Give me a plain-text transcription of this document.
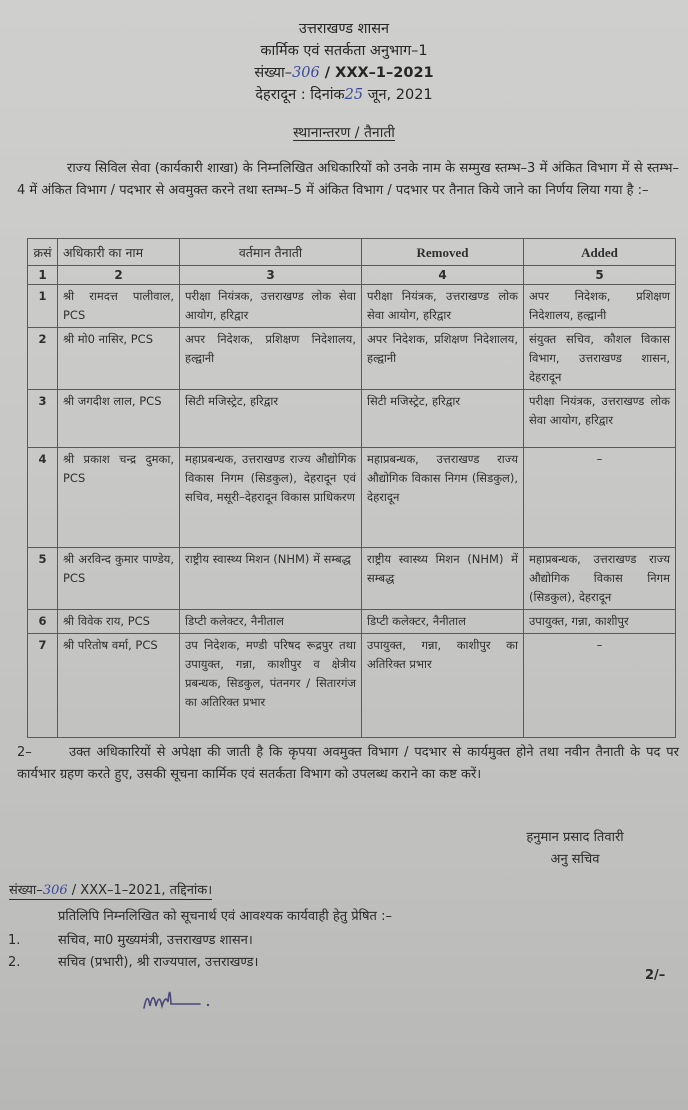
उत्तराखण्ड शासन
कार्मिक एवं सतर्कता अनुभाग–1
संख्या–306 / XXX–1–2021
देहरादून : दिनांक25 जून, 2021
स्थानान्तरण / तैनाती
राज्य सिविल सेवा (कार्यकारी शाखा) के निम्नलिखित अधिकारियों को उनके नाम के सम्मुख स्तम्भ–3 में अंकित विभाग में से स्तम्भ–4 में अंकित विभाग / पदभार से अवमुक्त करने तथा स्तम्भ–5 में अंकित विभाग / पदभार पर तैनात किये जाने का निर्णय लिया गया है :–
क्रसं	अधिकारी का नाम	वर्तमान तैनाती	Removed	Added
1	2	3	4	5
1	श्री रामदत्त पालीवाल, PCS	परीक्षा नियंत्रक, उत्तराखण्ड लोक सेवा आयोग, हरिद्वार	परीक्षा नियंत्रक, उत्तराखण्ड लोक सेवा आयोग, हरिद्वार	अपर निदेशक, प्रशिक्षण निदेशालय, हल्द्वानी
2	श्री मो0 नासिर, PCS	अपर निदेशक, प्रशिक्षण निदेशालय, हल्द्वानी	अपर निदेशक, प्रशिक्षण निदेशालय, हल्द्वानी	संयुक्त सचिव, कौशल विकास विभाग, उत्तराखण्ड शासन, देहरादून
3	श्री जगदीश लाल, PCS	सिटी मजिस्ट्रेट, हरिद्वार	सिटी मजिस्ट्रेट, हरिद्वार	परीक्षा नियंत्रक, उत्तराखण्ड लोक सेवा आयोग, हरिद्वार
4	श्री प्रकाश चन्द्र दुमका, PCS	महाप्रबन्धक, उत्तराखण्ड राज्य औद्योगिक विकास निगम (सिडकुल), देहरादून एवं सचिव, मसूरी–देहरादून विकास प्राधिकरण	महाप्रबन्धक, उत्तराखण्ड राज्य औद्योगिक विकास निगम (सिडकुल), देहरादून	–
5	श्री अरविन्द कुमार पाण्डेय, PCS	राष्ट्रीय स्वास्थ्य मिशन (NHM) में सम्बद्ध	राष्ट्रीय स्वास्थ्य मिशन (NHM) में सम्बद्ध	महाप्रबन्धक, उत्तराखण्ड राज्य औद्योगिक विकास निगम (सिडकुल), देहरादून
6	श्री विवेक राय, PCS	डिप्टी कलेक्टर, नैनीताल	डिप्टी कलेक्टर, नैनीताल	उपायुक्त, गन्ना, काशीपुर
7	श्री परितोष वर्मा, PCS	उप निदेशक, मण्डी परिषद रूद्रपुर तथा उपायुक्त, गन्ना, काशीपुर व क्षेत्रीय प्रबन्धक, सिडकुल, पंतनगर / सितारगंज का अतिरिक्त प्रभार	उपायुक्त, गन्ना, काशीपुर का अतिरिक्त प्रभार	–
2–	उक्त अधिकारियों से अपेक्षा की जाती है कि कृपया अवमुक्त विभाग / पदभार से कार्यमुक्त होने तथा नवीन तैनाती के पद पर कार्यभार ग्रहण करते हुए, उसकी सूचना कार्मिक एवं सतर्कता विभाग को उपलब्ध कराने का कष्ट करें।
हनुमान प्रसाद तिवारी
अनु सचिव
संख्या–306 / XXX–1–2021, तद्दिनांक।
प्रतिलिपि निम्नलिखित को सूचनार्थ एवं आवश्यक कार्यवाही हेतु प्रेषित :–
1.	सचिव, मा0 मुख्यमंत्री, उत्तराखण्ड शासन।
2.	सचिव (प्रभारी), श्री राज्यपाल, उत्तराखण्ड।
2/–
